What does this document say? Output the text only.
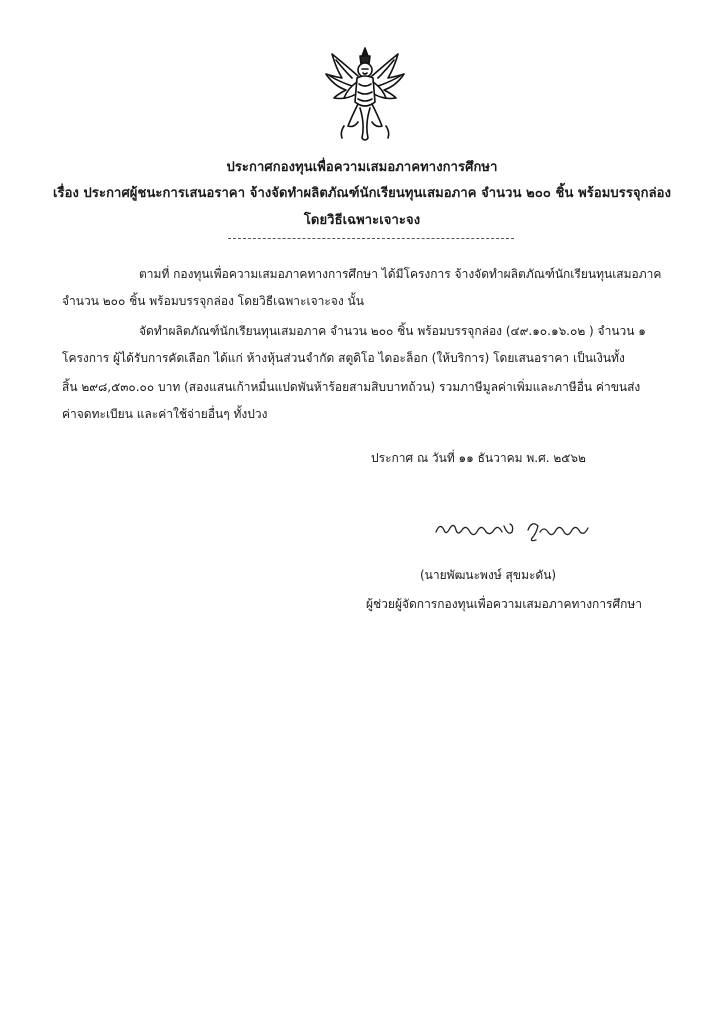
ประกาศกองทุนเพื่อความเสมอภาคทางการศึกษา
เรื่อง ประกาศผู้ชนะการเสนอราคา จ้างจัดทำผลิตภัณฑ์นักเรียนทุนเสมอภาค จำนวน ๒๐๐ ชิ้น พร้อมบรรจุกล่อง
โดยวิธีเฉพาะเจาะจง
ตามที่ กองทุนเพื่อความเสมอภาคทางการศึกษา ได้มีโครงการ จ้างจัดทำผลิตภัณฑ์นักเรียนทุนเสมอภาค
จำนวน ๒๐๐ ชิ้น พร้อมบรรจุกล่อง โดยวิธีเฉพาะเจาะจง นั้น
จัดทำผลิตภัณฑ์นักเรียนทุนเสมอภาค จำนวน ๒๐๐ ชิ้น พร้อมบรรจุกล่อง (๔๙.๑๐.๑๖.๐๒ ) จำนวน ๑
โครงการ ผู้ได้รับการคัดเลือก ได้แก่ ห้างหุ้นส่วนจำกัด สตูดิโอ ไดอะล็อก (ให้บริการ) โดยเสนอราคา เป็นเงินทั้ง
สิ้น ๒๙๘,๕๓๐.๐๐ บาท (สองแสนเก้าหมื่นแปดพันห้าร้อยสามสิบบาทถ้วน) รวมภาษีมูลค่าเพิ่มและภาษีอื่น ค่าขนส่ง
ค่าจดทะเบียน และค่าใช้จ่ายอื่นๆ ทั้งปวง
ประกาศ ณ วันที่ ๑๑ ธันวาคม พ.ศ. ๒๕๖๒
(นายพัฒนะพงษ์ สุขมะดัน)
ผู้ช่วยผู้จัดการกองทุนเพื่อความเสมอภาคทางการศึกษา
